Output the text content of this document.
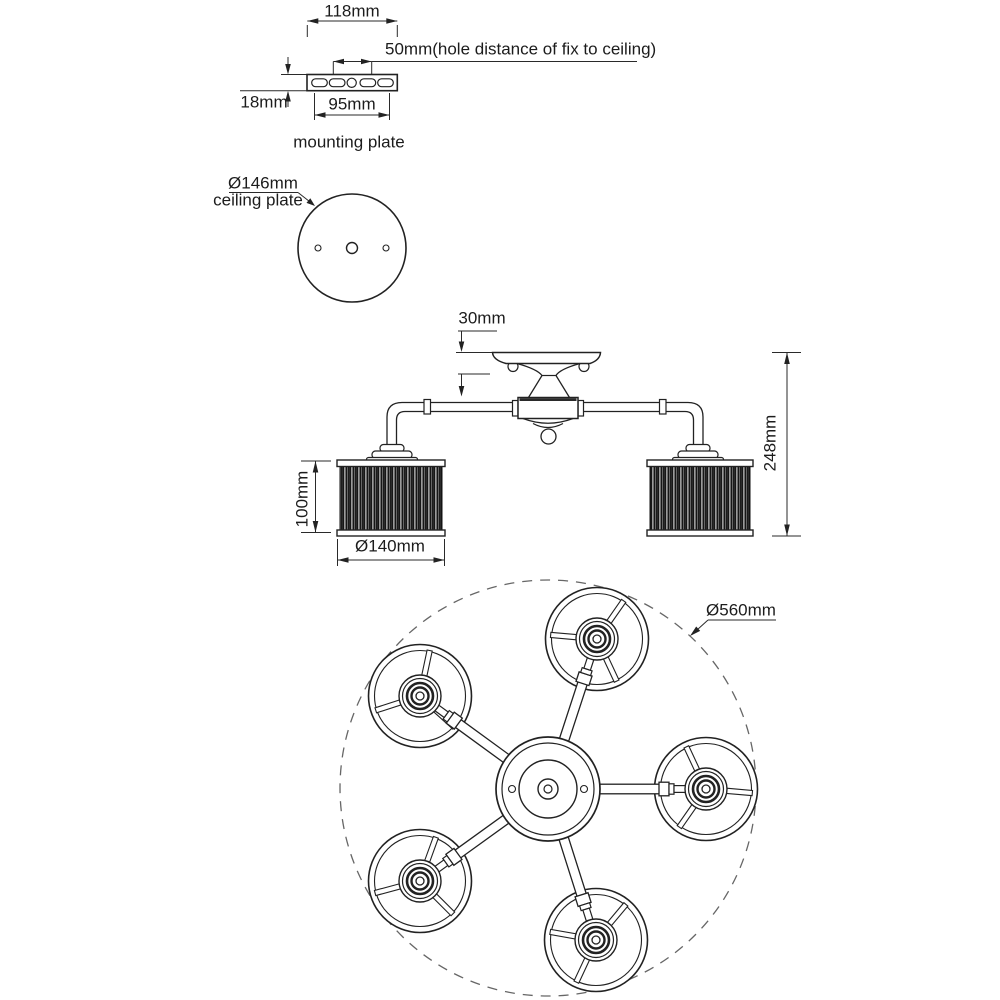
118mm
50mm(hole distance of fix to ceiling)
18mm 95mm
mounting plate
Ø146mm
ceiling plate
30mm
248mm
100mm
Ø140mm
Ø560mm
